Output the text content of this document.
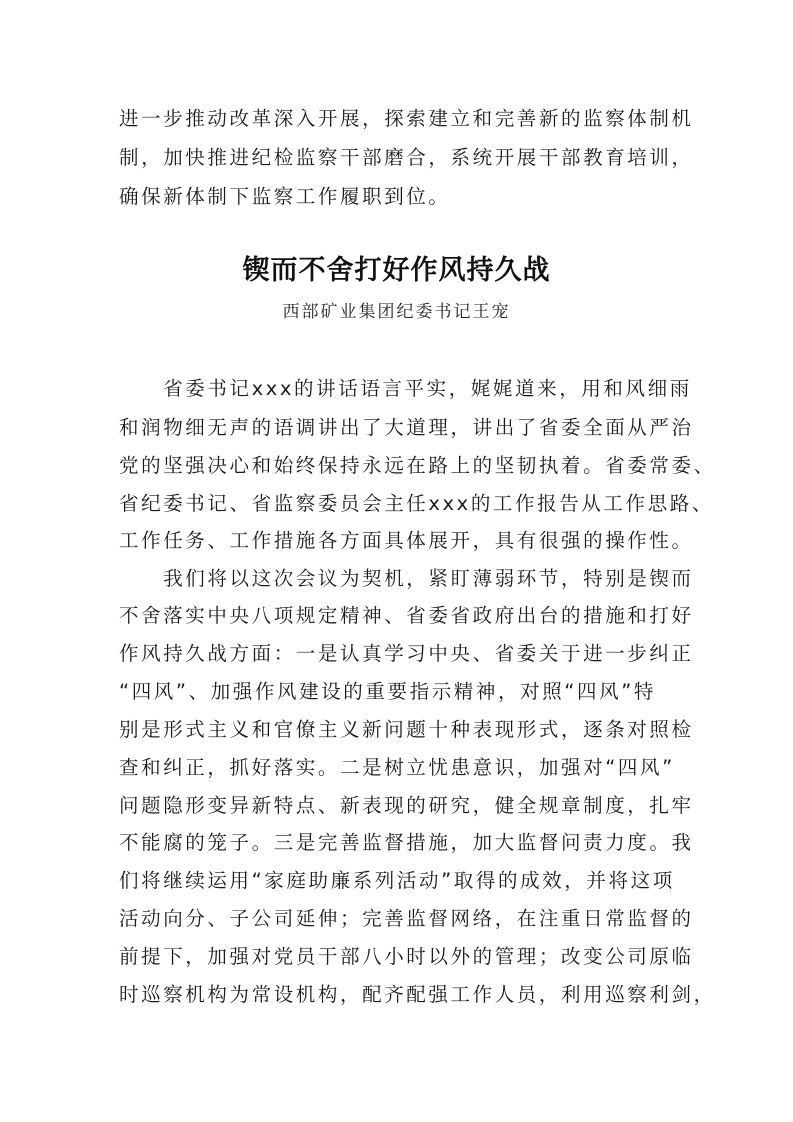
进一步推动改革深入开展，探索建立和完善新的监察体制机
制，加快推进纪检监察干部磨合，系统开展干部教育培训，
确保新体制下监察工作履职到位。
锲而不舍打好作风持久战
西部矿业集团纪委书记王宠
　　省委书记xxx的讲话语言平实，娓娓道来，用和风细雨
和润物细无声的语调讲出了大道理，讲出了省委全面从严治
党的坚强决心和始终保持永远在路上的坚韧执着。省委常委、
省纪委书记、省监察委员会主任xxx的工作报告从工作思路、
工作任务、工作措施各方面具体展开，具有很强的操作性。
　　我们将以这次会议为契机，紧盯薄弱环节，特别是锲而
不舍落实中央八项规定精神、省委省政府出台的措施和打好
作风持久战方面：一是认真学习中央、省委关于进一步纠正
“四风”、加强作风建设的重要指示精神，对照“四风”特
别是形式主义和官僚主义新问题十种表现形式，逐条对照检
查和纠正，抓好落实。二是树立忧患意识，加强对“四风”
问题隐形变异新特点、新表现的研究，健全规章制度，扎牢
不能腐的笼子。三是完善监督措施，加大监督问责力度。我
们将继续运用“家庭助廉系列活动”取得的成效，并将这项
活动向分、子公司延伸；完善监督网络，在注重日常监督的
前提下，加强对党员干部八小时以外的管理；改变公司原临
时巡察机构为常设机构，配齐配强工作人员，利用巡察利剑，
